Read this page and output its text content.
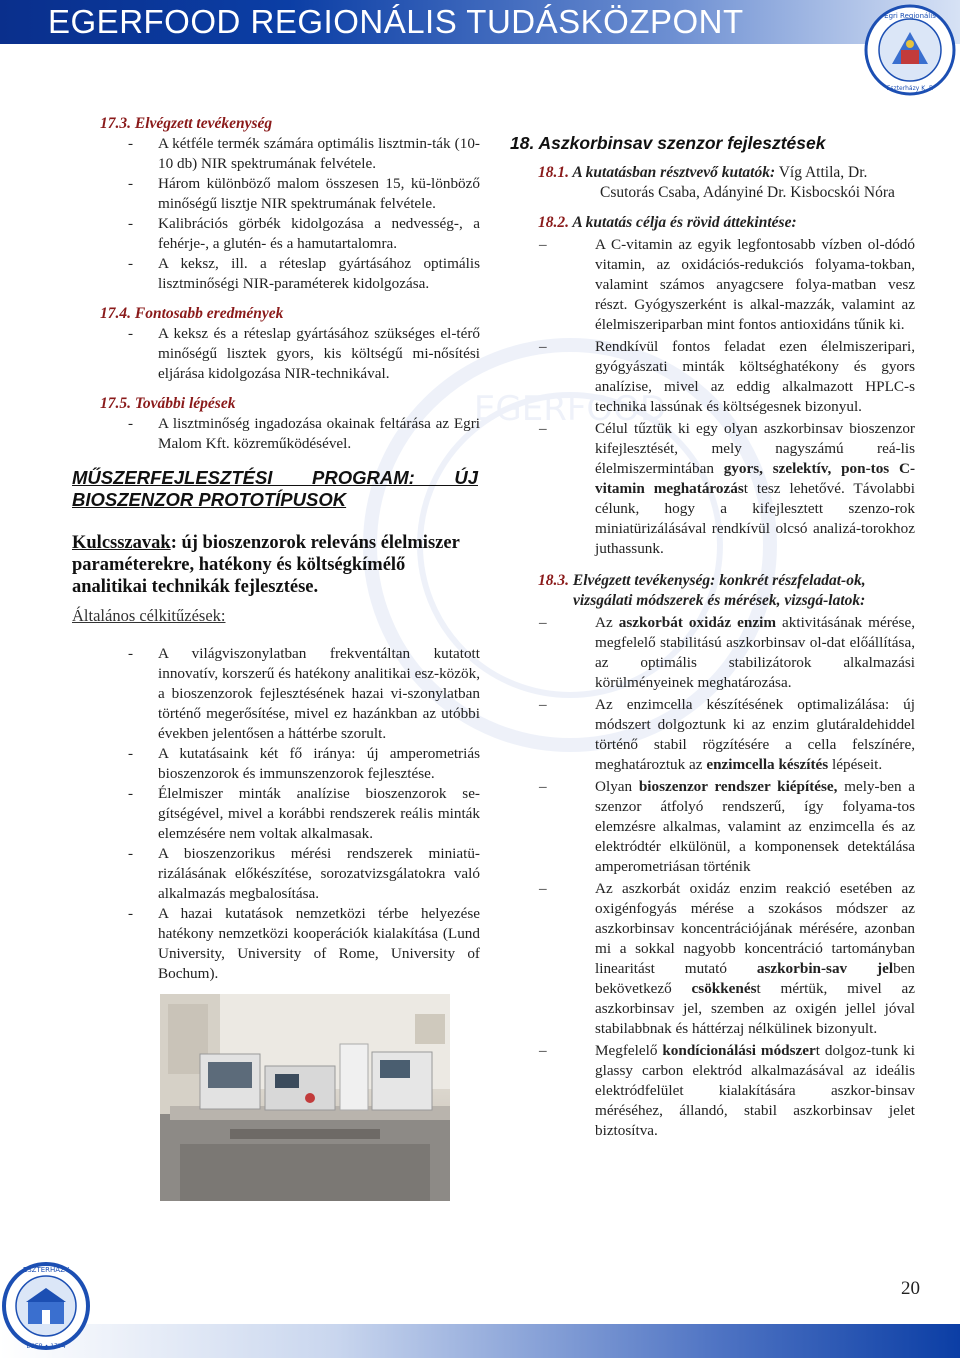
EGERFOOD REGIONÁLIS TUDÁSKÖZPONT	Egri Regionális
Eszterházy K. F.
EGERFOOD
17.3. Elvégzett tevékenység
- A kétféle termék számára optimális lisztmin-ták (10-10 db) NIR spektrumának felvétele.
- Három különböző malom összesen 15, kü-lönböző minőségű lisztje NIR spektrumának felvétele.
- Kalibrációs görbék kidolgozása a nedvesség-, a fehérje-, a glutén- és a hamutartalomra.
- A keksz, ill. a réteslap gyártásához optimális lisztminőségi NIR-paraméterek kidolgozása.
17.4. Fontosabb eredmények
- A keksz és a réteslap gyártásához szükséges el-térő minőségű lisztek gyors, kis költségű mi-nősítési eljárása kidolgozása NIR-technikával.
17.5. További lépések
- A lisztminőség ingadozása okainak feltárása az Egri Malom Kft. közreműködésével.
MŰSZERFEJLESZTÉSI PROGRAM: ÚJ
BIOSZENZOR PROTOTÍPUSOK
Kulcsszavak: új bioszenzorok releváns élelmiszer paraméterekre, hatékony és költségkímélő analitikai technikák fejlesztése.
Általános célkitűzések:
- A világviszonylatban frekventáltan kutatott innovatív, korszerű és hatékony analitikai esz-közök, a bioszenzorok fejlesztésének hazai vi-szonylatban történő megerősítése, mivel ez hazánkban az utóbbi években jelentősen a háttérbe szorult.
- A kutatásaink két fő iránya: új amperometriás bioszenzorok és immunszenzorok fejlesztése.
- Élelmiszer minták analízise bioszenzorok se-gítségével, mivel a korábbi rendszerek reális minták elemzésére nem voltak alkalmasak.
- A bioszenzorikus mérési rendszerek miniatü-rizálásának előkészítése, sorozatvizsgálatokra való alkalmazás megbalosítása.
- A hazai kutatások nemzetközi térbe helyezése hatékony nemzetközi kooperációk kialakítása (Lund University, University of Rome, University of Bochum).
18. Aszkorbinsav szenzor fejlesztések
18.1. A kutatásban résztvevő kutatók: Víg Attila, Dr.
Csutorás Csaba, Adányiné Dr. Kisbocskói Nóra
18.2. A kutatás célja és rövid áttekintése:
– A C-vitamin az egyik legfontosabb vízben ol-dódó vitamin, az oxidációs-redukciós folyama-tokban, valamint számos anyagcsere folya-matban vesz részt. Gyógyszerként is alkal-mazzák, valamint az élelmiszeriparban mint fontos antioxidáns tűnik ki.
– Rendkívül fontos feladat ezen élelmiszeripari, gyógyászati minták költséghatékony és gyors analízise, mivel az eddig alkalmazott HPLC-s technika lassúnak és költségesnek bizonyul.
– Célul tűztük ki egy olyan aszkorbinsav bioszenzor kifejlesztését, mely nagyszámú reá-lis élelmiszermintában gyors, szelektív, pon-tos C-vitamin meghatározást tesz lehetővé. Távolabbi célunk, hogy a kifejlesztett szenzo-rok miniatürizálásával rendkívül olcsó analizá-torokhoz juthassunk.
18.3. Elvégzett tevékenység: konkrét részfeladat-ok, vizsgálati módszerek és mérések, vizsgá-latok:
– Az aszkorbát oxidáz enzim aktivitásának mérése, megfelelő stabilitású aszkorbinsav ol-dat előállítása, az optimális stabilizátorok alkalmazási körülményeinek meghatározása.
– Az enzimcella készítésének optimalizálása: új módszert dolgoztunk ki az enzim glutáraldehiddel történő stabil rögzítésére a cella felszínére, meghatároztuk az enzimcella készítés lépéseit.
– Olyan bioszenzor rendszer kiépítése, mely-ben a szenzor átfolyó rendszerű, így folyama-tos elemzésre alkalmas, valamint az enzimcella és az elektródtér elkülönül, a komponensek detektálása amperometriásan történik
– Az aszkorbát oxidáz enzim reakció esetében az oxigénfogyás mérése a szokásos módszer az aszkorbinsav koncentrációjának mérésére, azonban mi a sokkal nagyobb koncentráció tartományban linearitást mutató aszkorbin-sav jelben bekövetkező csökkenést mértük, mivel az aszkorbinsav jel, szemben az oxigén jellel jóval stabilabbnak és háttérzaj nélkülinek bizonyult.
– Megfelelő kondícionálási módszert dolgoz-tunk ki glassy carbon elektród alkalmazásával az ideális elektródfelület kialakítására aszkor-binsav méréséhez, állandó, stabil aszkorbinsav jelet biztosítva.
ESZTERHÁZY
EGER • 1774
20
